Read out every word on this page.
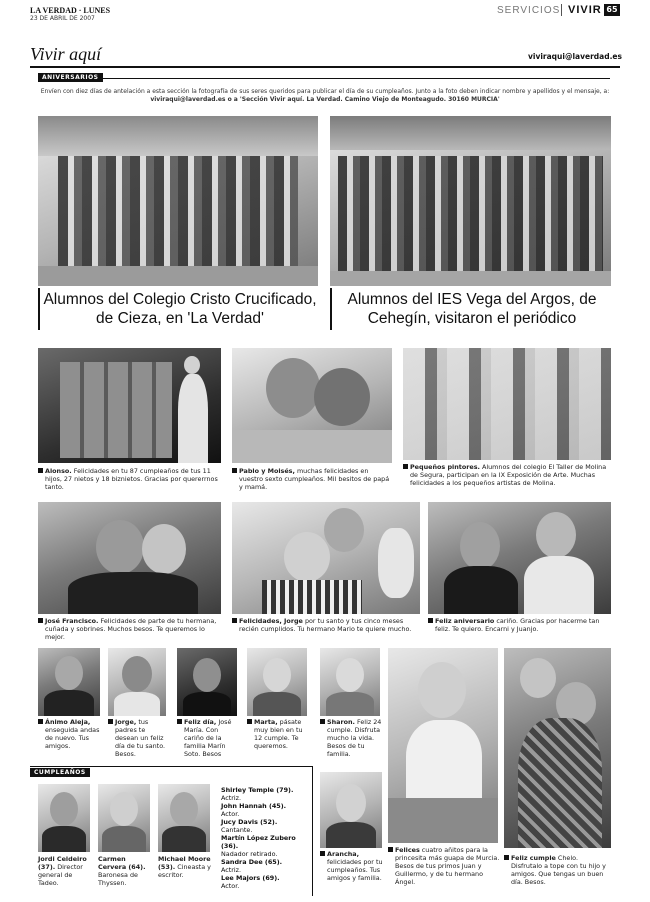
LA VERDAD · LUNES
23 DE ABRIL DE 2007
SERVICIOS VIVIR 65
Vivir aquí	viviraqui@laverdad.es
ANIVERSARIOS
Envíen con diez días de antelación a esta sección la fotografía de sus seres queridos para publicar el día de su cumpleaños. Junto a la foto deben indicar nombre y apellidos y el mensaje, a: viviraqui@laverdad.es o a 'Sección Vivir aquí. La Verdad. Camino Viejo de Monteagudo. 30160 MURCIA'
Alumnos del Colegio Cristo Crucificado, de Cieza, en 'La Verdad'
Alumnos del IES Vega del Argos, de Cehegín, visitaron el periódico
Alonso. Felicidades en tu 87 cumpleaños de tus 11 hijos, 27 nietos y 18 biznietos. Gracias por quererrnos tanto.
Pablo y Moisés, muchas felicidades en vuestro sexto cumpleaños. Mil besitos de papá y mamá.
Pequeños pintores. Alumnos del colegio El Taller de Molina de Segura, participan en la IX Exposición de Arte. Muchas felicidades a los pequeños artistas de Molina.
José Francisco. Felicidades de parte de tu hermana, cuñada y sobrines. Muchos besos. Te queremos lo mejor.
Felicidades, Jorge por tu santo y tus cinco meses recién cumplidos. Tu hermano Mario te quiere mucho.
Feliz aniversario cariño. Gracias por hacerme tan feliz. Te quiero. Encarni y Juanjo.
Ánimo Aleja, enseguida andas de nuevo. Tus amigos.
Jorge, tus padres te desean un feliz día de tu santo. Besos.
Feliz día, José María. Con cariño de la familia Marín Soto. Besos
Marta, pásate muy bien en tu 12 cumple. Te queremos.
Sharon. Feliz 24 cumple. Disfruta mucho la vida. Besos de tu familia.
Felices cuatro añitos para la princesita más guapa de Murcia. Besos de tus primos Juan y Guillermo, y de tu hermano Ángel.
Feliz cumple Chelo. Disfrutalo a tope con tu hijo y amigos. Que tengas un buen día. Besos.
Arancha, felicidades por tu cumpleaños. Tus amigos y familia.
CUMPLEAÑOS
Jordi Celdeiro (37). Director general de Tadeo.
Carmen Cervera (64). Baronesa de Thyssen.
Michael Moore (53). Cineasta y escritor.
Shirley Temple (79).
Actriz.
John Hannah (45).
Actor.
Jucy Davis (52).
Cantante.
Martín López Zubero (36).
Nadador retirado.
Sandra Dee (65).
Actriz.
Lee Majors (69).
Actor.
